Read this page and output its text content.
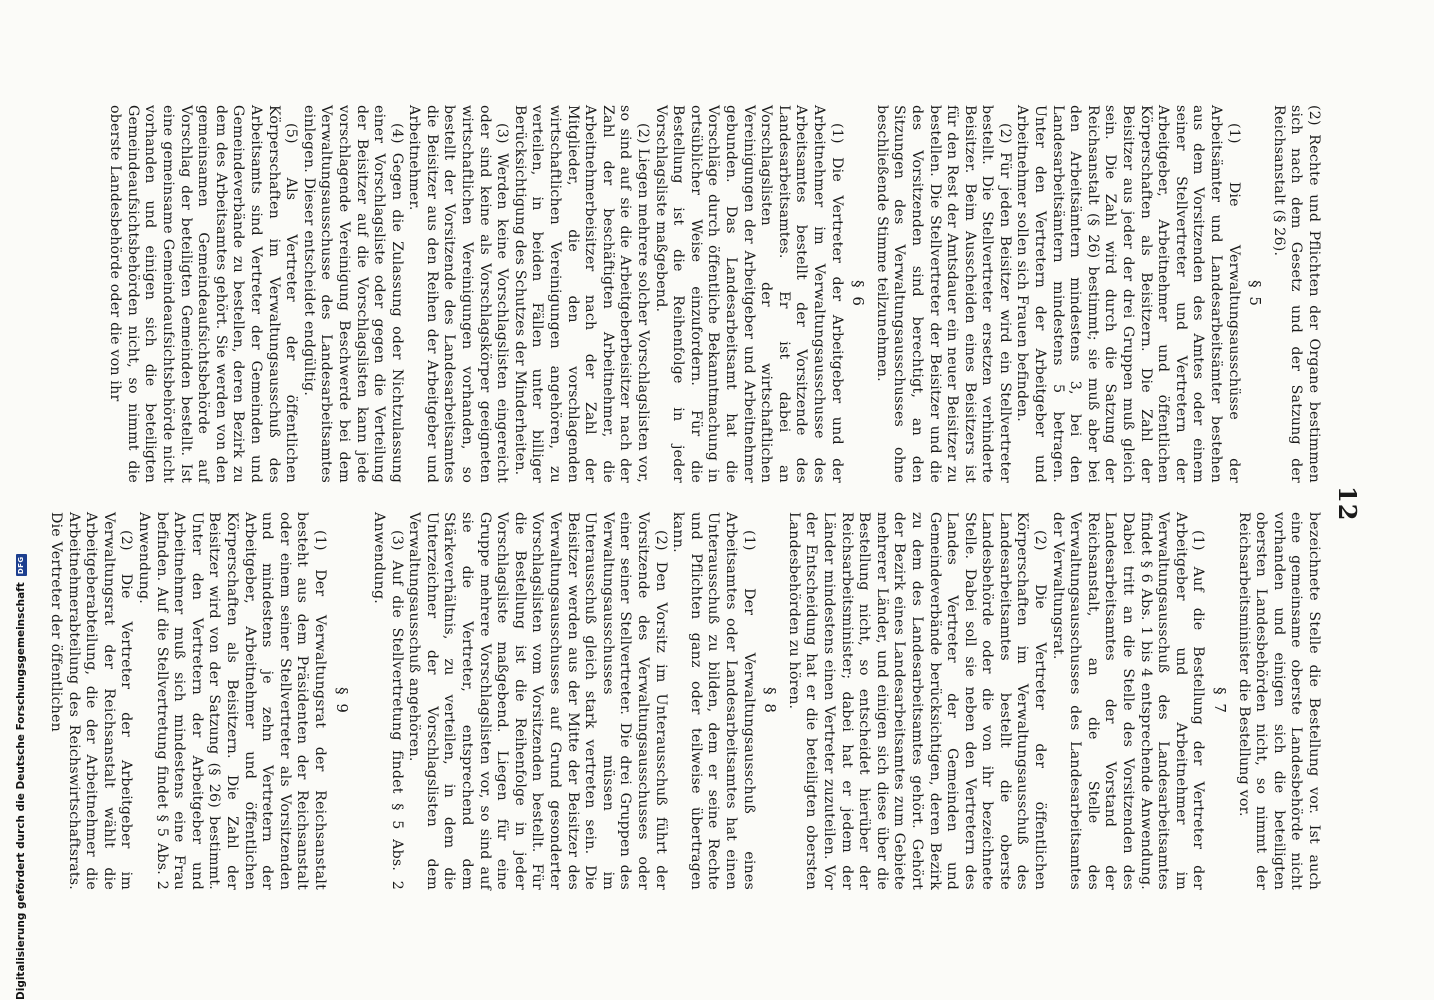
12

(2) Rechte und Pflichten der Organe bestimmen sich nach dem Gesetz und der Satzung der Reichsanstalt (§ 26).

§ 5

(1) Die Verwaltungsausschüsse der Arbeitsämter und Landesarbeitsämter bestehen aus dem Vorsitzenden des Amtes oder einem seiner Stellvertreter und Vertretern der Arbeitgeber, Arbeitnehmer und öffentlichen Körperschaften als Beisitzern. Die Zahl der Beisitzer aus jeder der drei Gruppen muß gleich sein. Die Zahl wird durch die Satzung der Reichsanstalt (§ 26) bestimmt; sie muß aber bei den Arbeitsämtern mindestens 3, bei den Landesarbeitsämtern mindestens 5 betragen. Unter den Vertretern der Arbeitgeber und Arbeitnehmer sollen sich Frauen befinden.

(2) Für jeden Beisitzer wird ein Stellvertreter bestellt. Die Stellvertreter ersetzen verhinderte Beisitzer. Beim Ausscheiden eines Beisitzers ist für den Rest der Amtsdauer ein neuer Beisitzer zu bestellen. Die Stellvertreter der Beisitzer und die des Vorsitzenden sind berechtigt, an den Sitzungen des Verwaltungsausschusses ohne beschließende Stimme teilzunehmen.

§ 6

(1) Die Vertreter der Arbeitgeber und der Arbeitnehmer im Verwaltungsausschusse des Arbeitsamtes bestellt der Vorsitzende des Landesarbeitsamtes. Er ist dabei an Vorschlagslisten der wirtschaftlichen Vereinigungen der Arbeitgeber und Arbeitnehmer gebunden. Das Landesarbeitsamt hat die Vorschläge durch öffentliche Bekanntmachung in ortsüblicher Weise einzufordern. Für die Bestellung ist die Reihenfolge in jeder Vorschlagsliste maßgebend.

(2) Liegen mehrere solcher Vorschlagslisten vor, so sind auf sie die Arbeitgeberbeisitzer nach der Zahl der beschäftigten Arbeitnehmer, die Arbeitnehmerbeisitzer nach der Zahl der Mitglieder, die den vorschlagenden wirtschaftlichen Vereinigungen angehören, zu verteilen, in beiden Fällen unter billiger Berücksichtigung des Schutzes der Minderheiten.

(3) Werden keine Vorschlagslisten eingereicht oder sind keine als Vorschlagskörper geeigneten wirtschaftlichen Vereinigungen vorhanden, so bestellt der Vorsitzende des Landesarbeitsamtes die Beisitzer aus den Reihen der Arbeitgeber und Arbeitnehmer.

(4) Gegen die Zulassung oder Nichtzulassung einer Vorschlagsliste oder gegen die Verteilung der Beisitzer auf die Vorschlagslisten kann jede vorschlagende Vereinigung Beschwerde bei dem Verwaltungsausschusse des Landesarbeitsamtes einlegen. Dieser entscheidet endgültig.

(5) Als Vertreter der öffentlichen Körperschaften im Verwaltungsausschuß des Arbeitsamts sind Vertreter der Gemeinden und Gemeindeverbände zu bestellen, deren Bezirk zu dem des Arbeitsamtes gehört. Sie werden von den gemeinsamen Gemeindeaufsichtsbehörde auf Vorschlag der beteiligten Gemeinden bestellt. Ist eine gemeinsame Gemeindeaufsichtsbehörde nicht vorhanden und einigen sich die beteiligten Gemeindeaufsichtsbehörden nicht, so nimmt die oberste Landesbehörde oder die von ihr

bezeichnete Stelle die Bestellung vor. Ist auch eine gemeinsame oberste Landesbehörde nicht vorhanden und einigen sich die beteiligten obersten Landesbehörden nicht, so nimmt der Reichsarbeitsminister die Bestellung vor.

§ 7

(1) Auf die Bestellung der Vertreter der Arbeitgeber und Arbeitnehmer im Verwaltungsausschuß des Landesarbeitsamtes findet § 6 Abs. 1 bis 4 entsprechende Anwendung. Dabei tritt an die Stelle des Vorsitzenden des Landesarbeitsamtes der Vorstand der Reichsanstalt, an die Stelle des Verwaltungsausschusses des Landesarbeitsamtes der Verwaltungsrat.

(2) Die Vertreter der öffentlichen Körperschaften im Verwaltungsausschuß des Landesarbeitsamtes bestellt die oberste Landesbehörde oder die von ihr bezeichnete Stelle. Dabei soll sie neben den Vertretern des Landes Vertreter der Gemeinden und Gemeindeverbände berücksichtigen, deren Bezirk zu dem des Landesarbeitsamtes gehört. Gehört der Bezirk eines Landesarbeitsamtes zum Gebiete mehrerer Länder, und einigen sich diese über die Bestellung nicht, so entscheidet hierüber der Reichsarbeitsminister; dabei hat er jedem der Länder mindestens einen Vertreter zuzuteilen. Vor der Entscheidung hat er die beteiligten obersten Landesbehörden zu hören.

§ 8

(1) Der Verwaltungsausschuß eines Arbeitsamtes oder Landesarbeitsamtes hat einen Unterausschuß zu bilden, dem er seine Rechte und Pflichten ganz oder teilweise übertragen kann.

(2) Den Vorsitz im Unterausschuß führt der Vorsitzende des Verwaltungsausschusses oder einer seiner Stellvertreter. Die drei Gruppen des Verwaltungsausschusses müssen im Unterausschuß gleich stark vertreten sein. Die Beisitzer werden aus der Mitte der Beisitzer des Verwaltungsausschusses auf Grund gesonderter Vorschlagslisten vom Vorsitzenden bestellt. Für die Bestellung ist die Reihenfolge in jeder Vorschlagsliste maßgebend. Liegen für eine Gruppe mehrere Vorschlagslisten vor, so sind auf sie die Vertreter, entsprechend dem Stärkeverhältnis, zu verteilen, in dem die Unterzeichner der Vorschlagslisten dem Verwaltungsausschuß angehören.

(3) Auf die Stellvertretung findet § 5 Abs. 2 Anwendung.

§ 9

(1) Der Verwaltungsrat der Reichsanstalt besteht aus dem Präsidenten der Reichsanstalt oder einem seiner Stellvertreter als Vorsitzenden und mindestens je zehn Vertretern der Arbeitgeber, Arbeitnehmer und öffentlichen Körperschaften als Beisitzern. Die Zahl der Beisitzer wird von der Satzung (§ 26) bestimmt. Unter den Vertretern der Arbeitgeber und Arbeitnehmer muß sich mindestens eine Frau befinden. Auf die Stellvertretung findet § 5 Abs. 2 Anwendung.

(2) Die Vertreter der Arbeitgeber im Verwaltungsrat der Reichsanstalt wählt die Arbeitgeberabteilung, die der Arbeitnehmer die Arbeitnehmerabteilung des Reichswirtschaftsrats. Die Vertreter der öffentlichen

Digitalisierung gefördert durch die Deutsche Forschungsgemeinschaft
DFG
